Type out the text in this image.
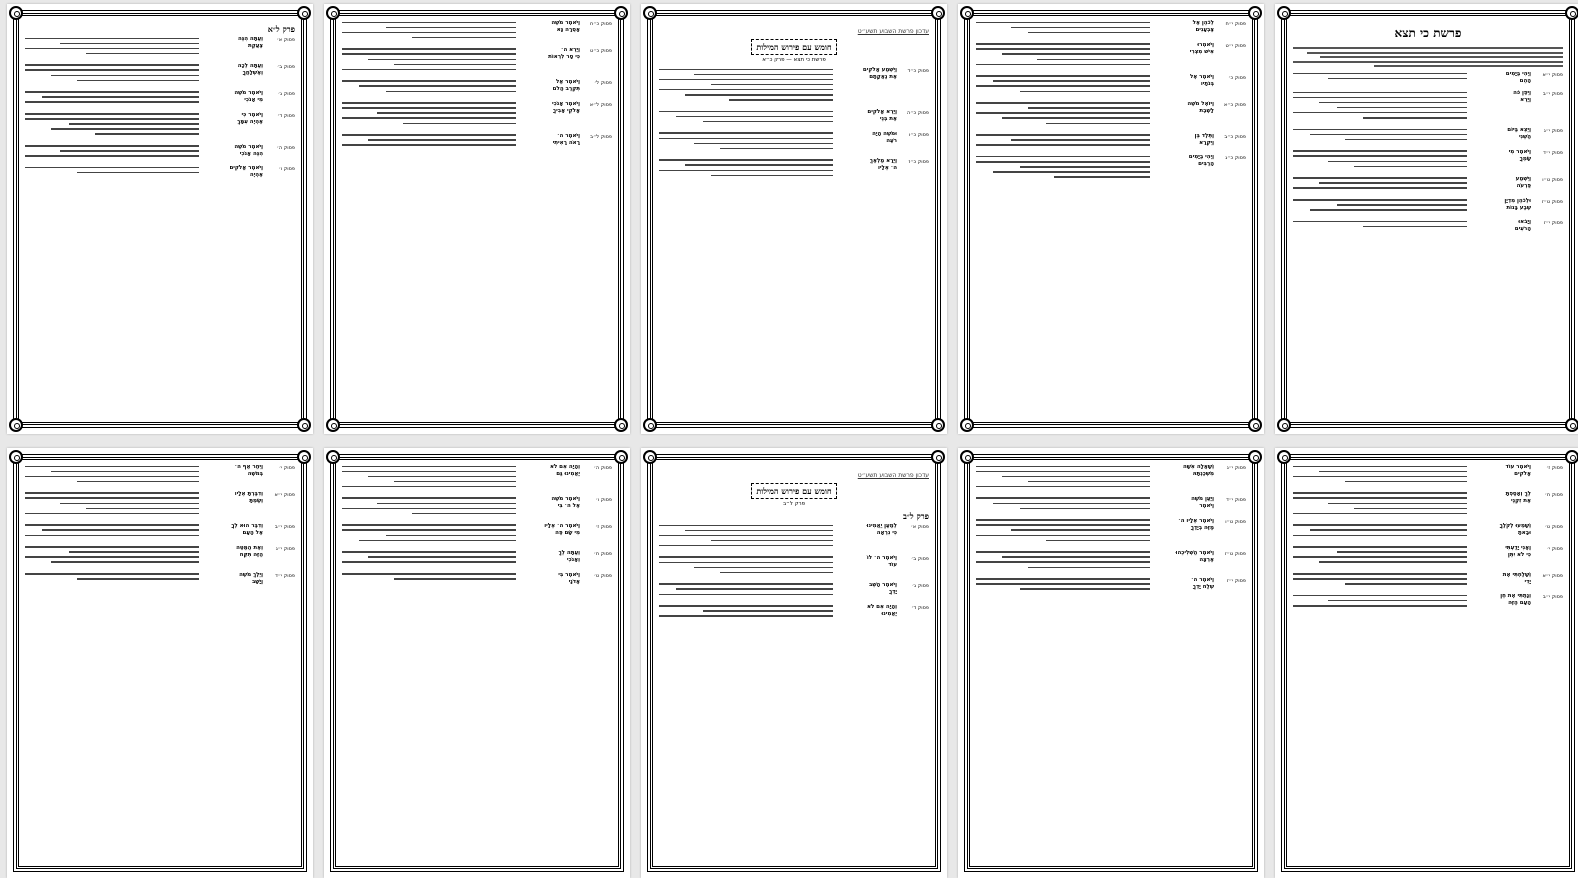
פרשת כי תצא
פסוק י״א
וַיְהִי בַּיָּמִים
הָהֵם
פסוק י״ב
וַיִּפֶן כֹּה
וַיַּרְא
פסוק י״ג
וַיֵּצֵא בַּיּוֹם
הַשֵּׁנִי
פסוק י״ד
וַיֹּאמֶר מִי
שָׂמְךָ
פסוק ט״ו
וַיִּשְׁמַע
פַּרְעֹה
פסוק ט״ז
וּלְכֹהֵן מִדְיָן
שֶׁבַע בָּנוֹת
פסוק י״ז
וַיָּבֹאוּ
הָרֹעִים
פסוק י״ח
לְכֹהֵן אֶל
צַּבְעָנִים
פסוק י״ט
וַיֹּאמְרוּ
אִישׁ מִצְרִי
פסוק כ׳
וַיֹּאמֶר אֶל
בְּנֹתָיו
פסוק כ״א
וַיּוֹאֶל מֹשֶׁה
לָשֶׁבֶת
פסוק כ״ב
וַתֵּלֶד בֵּן
וַיִּקְרָא
פסוק כ״ג
וַיְהִי בַיָּמִים
הָרַבִּים
עדכון פרשת השבוע תשע״ט
חומש עם פירוש המילות
פרשת כי תצא — פרק כ״א
פסוק כ״ד
וַיִּשְׁמַע אֱלֹקִים
אֶת נַאֲקָתָם
פסוק כ״ה
וַיַּרְא אֱלֹקִים
אֶת בְּנֵי
פסוק כ״ו
וּמֹשֶׁה הָיָה
רֹעֶה
פסוק כ״ז
וַיֵּרָא מַלְאַךְ
ה׳ אֵלָיו
פסוק כ״ח
וַיֹּאמֶר מֹשֶׁה
אָסֻרָה נָּא
פסוק כ״ט
וַיַּרְא ה׳
כִּי סָר לִרְאוֹת
פסוק ל׳
וַיֹּאמֶר אַל
תִּקְרַב הֲלֹם
פסוק ל״א
וַיֹּאמֶר אָנֹכִי
אֱלֹקֵי אָבִיךָ
פסוק ל״ב
וַיֹּאמֶר ה׳
רָאֹה רָאִיתִי
פרק ל״א
פסוק א׳
וְעַתָּה הִנֵּה
צַעֲקַת
פסוק ב׳
וְעַתָּה לְכָה
וְאֶשְׁלָחֲךָ
פסוק ג׳
וַיֹּאמֶר מֹשֶׁה
מִי אָנֹכִי
פסוק ד׳
וַיֹּאמֶר כִּי
אֶהְיֶה עִמָּךְ
פסוק ה׳
וַיֹּאמֶר מֹשֶׁה
הִנֵּה אָנֹכִי
פסוק ו׳
וַיֹּאמֶר אֱלֹקִים
אֶהְיֶה
פסוק ז׳
וַיֹּאמֶר עוֹד
אֱלֹקִים
פסוק ח׳
לֵךְ וְאָסַפְתָּ
אֶת זִקְנֵי
פסוק ט׳
וְשָׁמְעוּ לְקֹלֶךָ
וּבָאתָ
פסוק י׳
וַאֲנִי יָדַעְתִּי
כִּי לֹא יִתֵּן
פסוק י״א
וְשָׁלַחְתִּי אֶת
יָדִי
פסוק י״ב
וְנָתַתִּי אֶת חֵן
הָעָם הַזֶּה
פסוק י״ג
וְשָׁאֲלָה אִשָּׁה
מִשְּׁכֶנְתָּהּ
פסוק י״ד
וַיַּעַן מֹשֶׁה
וַיֹּאמֶר
פסוק ט״ו
וַיֹּאמֶר אֵלָיו ה׳
מַזֶּה בְיָדֶךָ
פסוק ט״ז
וַיֹּאמֶר הַשְׁלִיכֵהוּ
אַרְצָה
פסוק י״ז
וַיֹּאמֶר ה׳
שְׁלַח יָדְךָ
עדכון פרשת השבוע תשע״ט
חומש עם פירוש המילות
פרק ל״ב
פרק ל״ב
פסוק א׳
לְמַעַן יַאֲמִינוּ
כִּי נִרְאָה
פסוק ב׳
וַיֹּאמֶר ה׳ לוֹ
עוֹד
פסוק ג׳
וַיֹּאמֶר הָשֵׁב
יָדְךָ
פסוק ד׳
וְהָיָה אִם לֹא
יַאֲמִינוּ
פסוק ה׳
וְהָיָה אִם לֹא
יַאֲמִינוּ גַּם
פסוק ו׳
וַיֹּאמֶר מֹשֶׁה
אֶל ה׳ בִּי
פסוק ז׳
וַיֹּאמֶר ה׳ אֵלָיו
מִי שָׂם פֶּה
פסוק ח׳
וְעַתָּה לֵךְ
וְאָנֹכִי
פסוק ט׳
וַיֹּאמֶר בִּי
אֲדֹנָי
פסוק י׳
וַיִּחַר אַף ה׳
בְּמֹשֶׁה
פסוק י״א
וְדִבַּרְתָּ אֵלָיו
וְשַׂמְתָּ
פסוק י״ב
וְדִבֶּר הוּא לְךָ
אֶל הָעָם
פסוק י״ג
וְאֶת הַמַּטֶּה
הַזֶּה תִּקַּח
פסוק י״ד
וַיֵּלֶךְ מֹשֶׁה
וַיָּשָׁב
